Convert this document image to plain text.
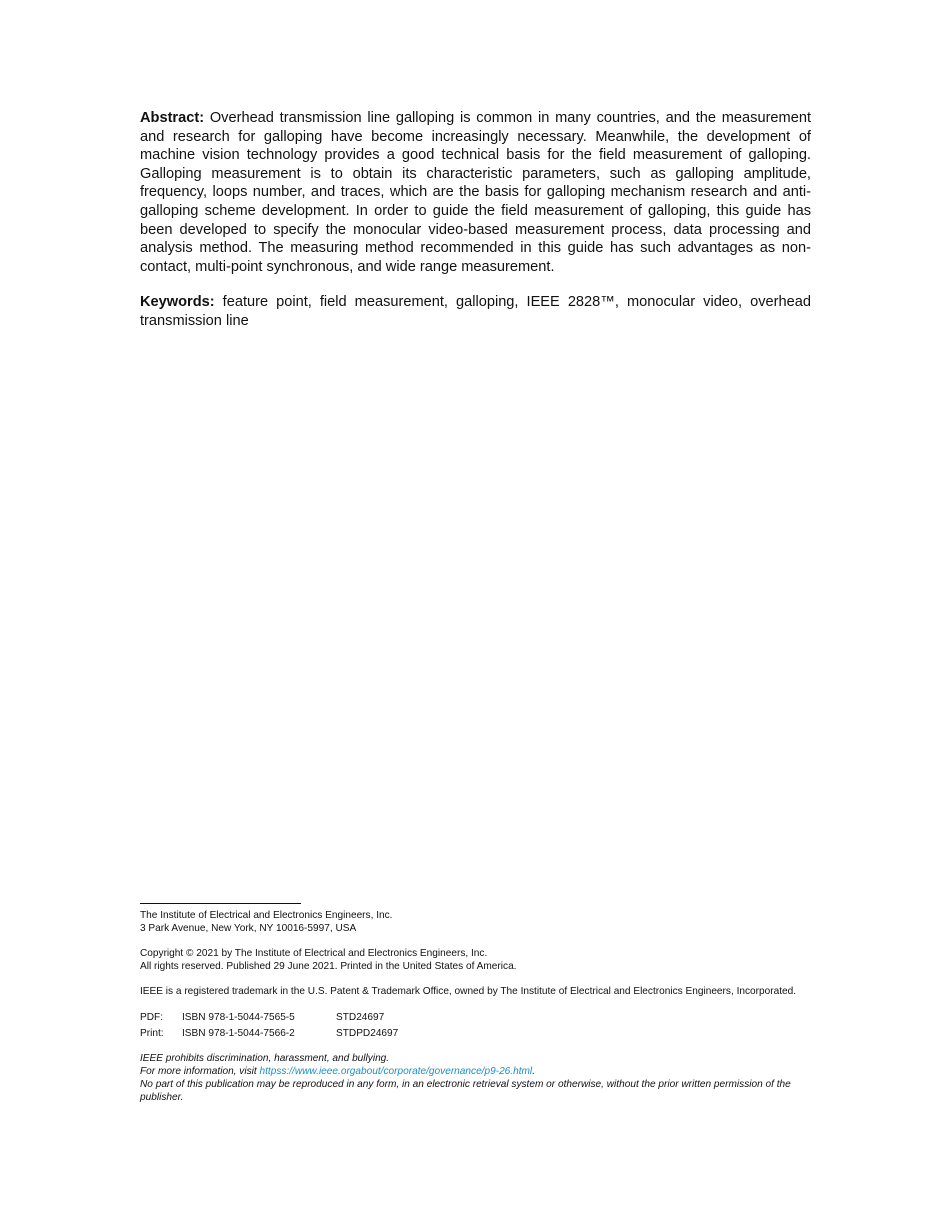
Abstract: Overhead transmission line galloping is common in many countries, and the measurement and research for galloping have become increasingly necessary. Meanwhile, the development of machine vision technology provides a good technical basis for the field measurement of galloping. Galloping measurement is to obtain its characteristic parameters, such as galloping amplitude, frequency, loops number, and traces, which are the basis for galloping mechanism research and anti-galloping scheme development. In order to guide the field measurement of galloping, this guide has been developed to specify the monocular video-based measurement process, data processing and analysis method. The measuring method recommended in this guide has such advantages as non-contact, multi-point synchronous, and wide range measurement.

Keywords: feature point, field measurement, galloping, IEEE 2828™, monocular video, overhead transmission line

The Institute of Electrical and Electronics Engineers, Inc.
3 Park Avenue, New York, NY 10016-5997, USA
Copyright © 2021 by The Institute of Electrical and Electronics Engineers, Inc.
All rights reserved. Published 29 June 2021. Printed in the United States of America.
IEEE is a registered trademark in the U.S. Patent & Trademark Office, owned by The Institute of Electrical and Electronics Engineers, Incorporated.
PDF:	ISBN 978-1-5044-7565-5	STD24697
Print:	ISBN 978-1-5044-7566-2	STDPD24697
IEEE prohibits discrimination, harassment, and bullying.
For more information, visit httpss://www.ieee.orgabout/corporate/governance/p9-26.html.
No part of this publication may be reproduced in any form, in an electronic retrieval system or otherwise, without the prior written permission of the publisher.
